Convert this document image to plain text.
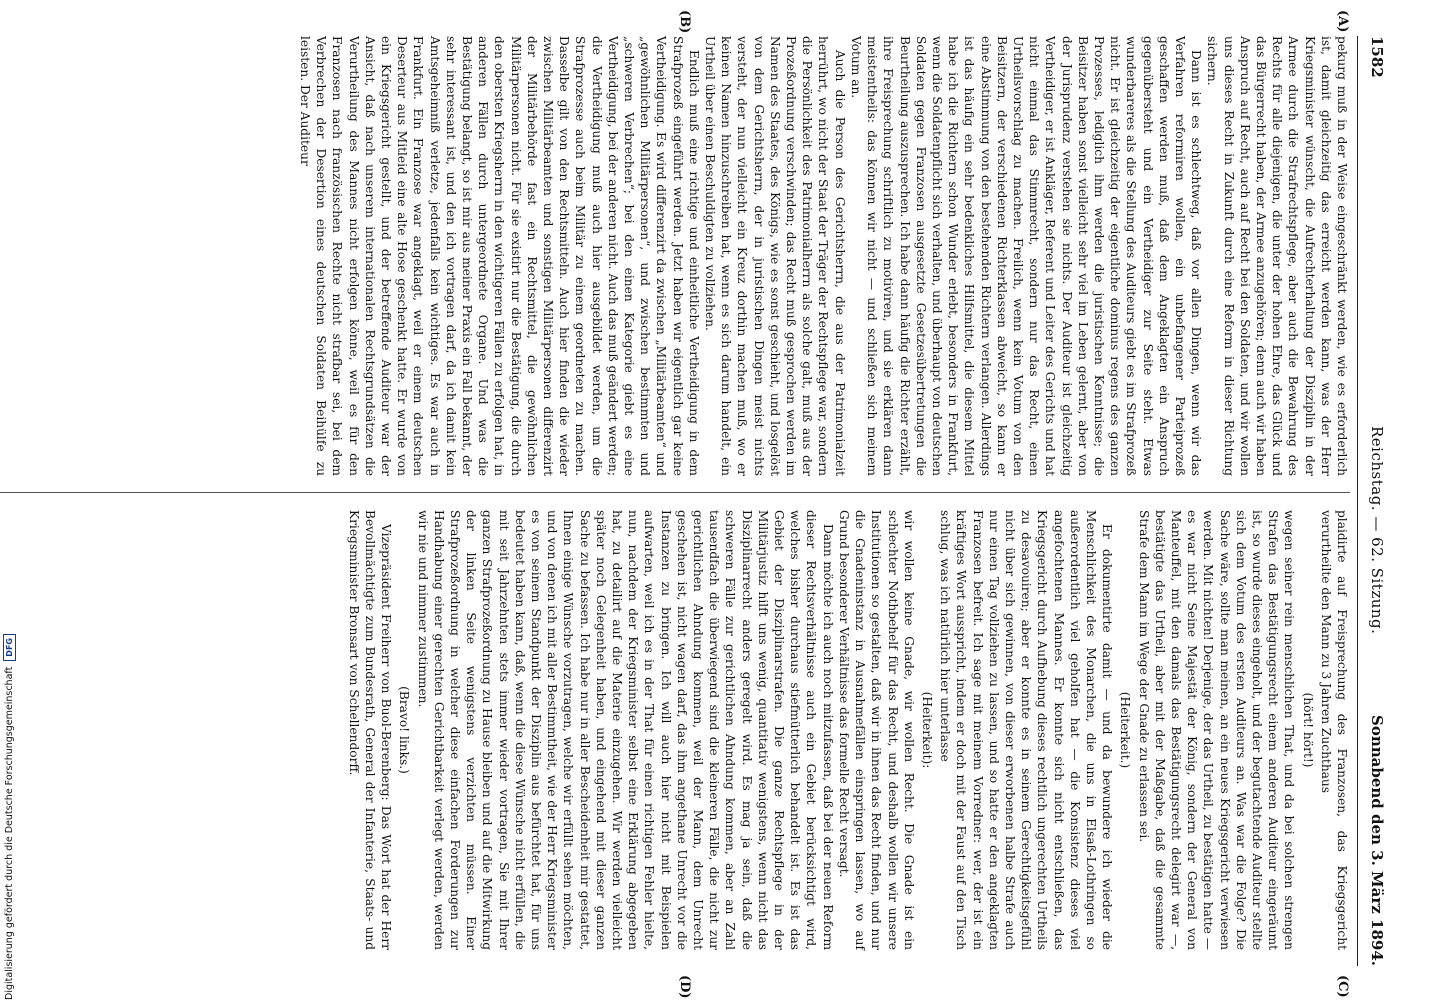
1582
Reichstag. — 62. Sitzung.
Sonnabend den 3. März 1894.
(A)
(B)
(C)
(D)

pekurg muß in der Weise eingeschränkt werden, wie es erforderlich ist, damit gleichzeitig das erreicht werden kann, was der Herr Kriegsminister wünscht, die Aufrechterhaltung der Disziplin in der Armee durch die Strafrechtspflege, aber auch die Bewahrung des Rechts für alle diejenigen, die unter der hohen Ehre, das Glück und das Bürgerrecht haben, der Armee anzugehören; denn auch wir haben Anspruch auf Recht, auch auf Recht bei den Soldaten, und wir wollen uns dieses Recht in Zukunft durch eine Reform in dieser Richtung sichern.

Dann ist es schlechtweg, daß vor allen Dingen, wenn wir das Verfahren reformiren wollen, ein unbefangener Parteiprozeß geschaffen werden muß, daß dem Angeklagten ein Anspruch gegenübersteht und ein Vertheidiger zur Seite steht. Etwas wunderbareres als die Stellung des Auditeurs giebt es im Strafprozeß nicht. Er ist gleichzeitig der eigentliche dominus regens des ganzen Prozesses, lediglich ihm werden die juristischen Kenntnisse; die Beisitzer haben sonst vielleicht sehr viel im Leben gelernt, aber von der Jurisprudenz verstehen sie nichts. Der Auditeur ist gleichzeitig Vertheidiger, er ist Ankläger, Referent und Leiter des Gerichts und hat nicht einmal das Stimmrecht, sondern nur das Recht, einen Urtheilsvorschlag zu machen. Freilich, wenn kein Votum von den Beisitzern, der verschiedenen Richterklassen abweicht, so kann er eine Abstimmung von den bestehenden Richtern verlangen. Allerdings ist das häufig ein sehr bedenkliches Hilfsmittel, die diesem Mittel habe ich die Richtern schon Wunder erlebt, besonders in Frankfurt, wenn die Soldatenpflicht sich verhalten, und überhaupt von deutschen Soldaten gegen Franzosen ausgesetzte Gesetzesübertretungen die Beurtheilung auszusprechen. Ich habe dann häufig die Richter erzählt, ihre Freisprechung schriftlich zu motiviren, und sie erklären dann meistentheils: das können wir nicht — und schließen sich meinem Votum an.

Auch die Person des Gerichtsherrn, die aus der Patrimonialzeit herrührt, wo nicht der Staat der Träger der Rechtspflege war, sondern die Persönlichkeit des Patrimonialherrn als solche galt, muß aus der Prozeßordnung verschwinden; das Recht muß gesprochen werden im Namen des Staates, des Königs, wie es sonst geschieht, und losgelöst von dem Gerichtsherrn, der in juristischen Dingen meist nichts versteht, der nun vielleicht ein Kreuz dorthin machen muß, wo er keinen Namen hinzuschreiben hat, wenn es sich darum handelt, ein Urtheil über einen Beschuldigten zu vollziehen.

Endlich muß eine richtige und einheitliche Vertheidigung in dem Strafprozeß eingeführt werden. Jetzt haben wir eigentlich gar keine Vertheidigung. Es wird differenzirt da zwischen „Militärbeamten“ und „gewöhnlichen Militärpersonen“, und zwischen bestimmten und „schweren Verbrechen“; bei den einen Kategorie giebt es eine Vertheidigung, bei der anderen nicht. Auch das muß geändert werden; die Vertheidigung muß auch hier ausgebildet werden, um die Strafprozesse auch beim Militär zu einem geordneten zu machen. Dasselbe gilt von den Rechtsmitteln. Auch hier finden die wieder zwischen Militärbeamten und sonstigen Militärpersonen differenzirt der Militärbehörde fast ein Rechtsmittel, die gewöhnlichen Militärpersonen nicht. Für sie existirt nur die Bestätigung, die durch den obersten Kriegsherrn in den wichtigeren Fällen zu erfolgen hat, in anderen Fällen durch untergeordnete Organe. Und was die Bestätigung belangt, so ist mir aus meiner Praxis ein Fall bekannt, der sehr interessant ist, und den ich vortragen darf, da ich damit kein Amtsgeheimniß verletze, jedenfalls kein wichtiges. Es war auch in Frankfurt. Ein Franzose war angeklagt, weil er einem deutschen Deserteur aus Mitleid eine alte Hose geschenkt hatte. Er wurde von ein Kriegsgericht gestellt, und der betreffende Auditeur war der Ansicht, daß nach unserem internationalen Rechtsgrundsätzen die Verurtheilung des Mannes nicht erfolgen könne, weil es für den Franzosen nach französischen Rechte nicht strafbar sei, bei dem Verbrechen der Desertion eines deutschen Soldaten Beihülfe zu leisten. Der Auditeur

plaidirte auf Freisprechung des Franzosen, das Kriegsgericht verurtheilte den Mann zu 3 Jahren Zuchthaus

(hört! hört!)

wegen seiner rein menschlichen That, und da bei solchen strengen Strafen das Bestätigungsrecht einem anderen Auditeur eingeräumt ist, so wurde dieses eingeholt, und der begutachtende Auditeur stellte sich dem Votum des ersten Auditeurs an. Was war die Folge? Die Sache wäre, sollte man meinen, an ein neues Kriegsgericht verwiesen werden. Mit nichten! Derjenige, der das Urtheil, zu bestätigen hatte — es war nicht Seine Majestät der König, sondern der General von Manteuffel, mit den damals das Bestätigungsrecht delegirt war —, bestätigte das Urtheil, aber mit der Maßgabe, daß die gesammte Strafe dem Mann im Wege der Gnade zu erlassen sei.

(Heiterkeit.)

Er dokumentirte damit — und da bewundere ich wieder die Menschlichkeit des Monarchen, die uns in Elsaß-Lothringen so außerordentlich viel geholfen hat — die Konsistenz dieses viel angefochtenen Mannes. Er konnte sich nicht entschließen, das Kriegsgericht durch Aufhebung dieses rechtlich ungerechten Urtheils zu desavouiren; aber er konnte es in seinem Gerechtigkeitsgefühl nicht über sich gewinnen, von dieser erworbenen halbe Strafe auch nur einen Tag vollziehen zu lassen, und so hatte er den angeklagten Franzosen befreit. Ich sage mit meinem Vorredner: wer, der ist ein kräftiges Wort ausspricht, indem er doch mit der Faust auf den Tisch schlug, was ich natürlich hier unterlasse

(Heiterkeit):

wir wollen keine Gnade, wir wollen Recht. Die Gnade ist ein schlechter Nothbehelf für das Recht, und deshalb wollen wir unsere Institutionen so gestalten, daß wir in ihnen das Recht finden, und nur die Gnadeninstanz in Ausnahmefällen einspringen lassen, wo auf Grund besonderer Verhältnisse das formelle Recht versagt.

Dann möchte ich auch noch mitzufassen, daß bei der neuen Reform dieser Rechtsverhältnisse auch ein Gebiet berücksichtigt wird, welches bisher durchaus stiefmütterlich behandelt ist. Es ist das Gebiet der Disziplinarstrafen. Die ganze Rechtspflege in der Militärjustiz hilft uns wenig, quantitativ wenigstens, wenn nicht das Disziplinarrecht anders geregelt wird. Es mag ja sein, daß die schweren Fälle zur gerichtlichen Ahndung kommen, aber an Zahl tausendfach die überwiegend sind die kleineren Fälle, die nicht zur gerichtlichen Ahndung kommen, weil der Mann, dem Unrecht geschehen ist, nicht wagen darf, das ihm angethane Unrecht vor die Instanzen zu bringen. Ich will auch hier nicht mit Beispielen aufwarten, weil ich es in der That für einen richtigen Fehler hielte, nun, nachdem der Kriegsminister selbst eine Erklärung abgegeben hat, zu detailirt auf die Materie einzugehen. Wir werden vielleicht später noch Gelegenheit haben, und eingehend mit dieser ganzen Sache zu befassen. Ich habe nur in aller Bescheidenheit mir gestattet, Ihnen einige Wünsche vorzutragen, welche wir erfüllt sehen möchten, und von denen ich mit aller Bestimmtheit, wie der Herr Kriegsminister es von seinem Standpunkt der Disziplin aus befürchtet hat, für uns bedeutet haben kann, daß, wenn die diese Wünsche nicht erfüllen, die mit seit Jahrzehnten stets immer wieder vortragen, Sie mit Ihrer ganzen Strafprozeßordnung zu Hause bleiben und auf die Mitwirkung der linken Seite wenigstens verzichten müssen. Einer Strafprozeßordnung in welcher diese einfachen Forderungen zur Handhabung einer gerechten Gerichtbarkeit verlegt werden, werden wir nie und nimmer zustimmen.

(Bravo! links.)

Vizepräsident Freiherr von Buol-Berenberg: Das Wort hat der Herr Bevollmächtigte zum Bundesrath, General der Infanterie, Staats- und Kriegsminister Bronsart von Schellendorff.

Digitalisierung gefördert durch die Deutsche ForschungsgemeinschaftDFG
